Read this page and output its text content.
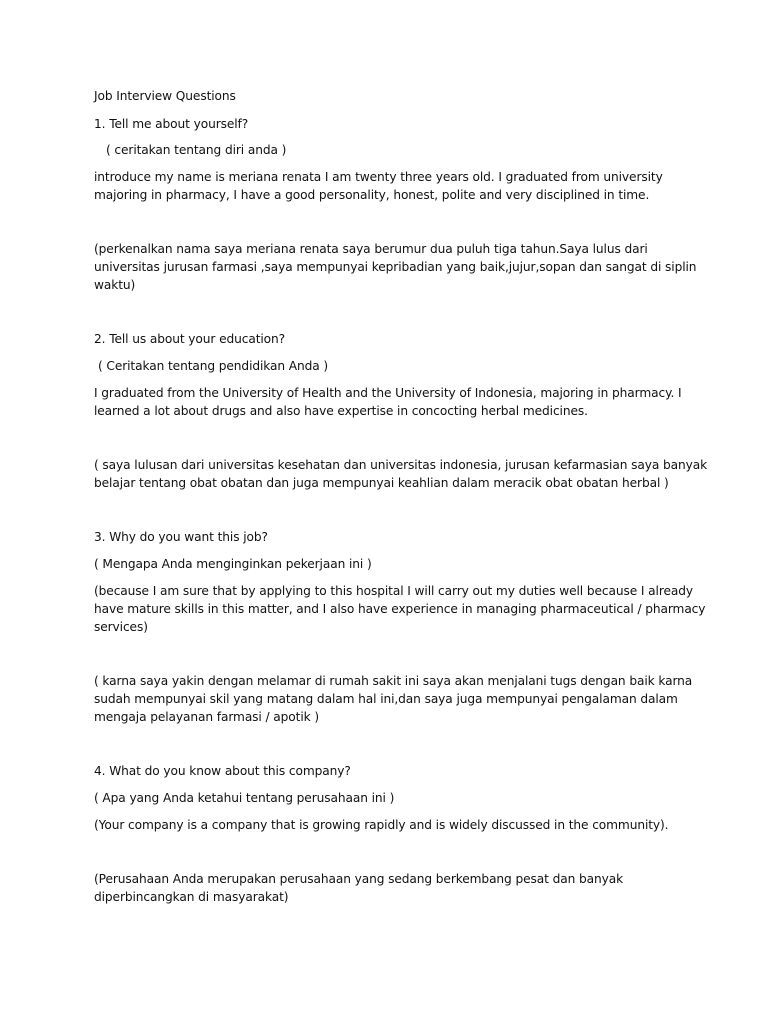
Job Interview Questions
1. Tell me about yourself?
( ceritakan tentang diri anda )
introduce my name is meriana renata I am twenty three years old. I graduated from university
majoring in pharmacy, I have a good personality, honest, polite and very disciplined in time.
(perkenalkan nama saya meriana renata saya berumur dua puluh tiga tahun.Saya lulus dari
universitas jurusan farmasi ,saya mempunyai kepribadian yang baik,jujur,sopan dan sangat di siplin
waktu)
2. Tell us about your education?
( Ceritakan tentang pendidikan Anda )
I graduated from the University of Health and the University of Indonesia, majoring in pharmacy. I
learned a lot about drugs and also have expertise in concocting herbal medicines.
( saya lulusan dari universitas kesehatan dan universitas indonesia, jurusan kefarmasian saya banyak
belajar tentang obat obatan dan juga mempunyai keahlian dalam meracik obat obatan herbal )
3. Why do you want this job?
( Mengapa Anda menginginkan pekerjaan ini )
(because I am sure that by applying to this hospital I will carry out my duties well because I already
have mature skills in this matter, and I also have experience in managing pharmaceutical / pharmacy
services)
( karna saya yakin dengan melamar di rumah sakit ini saya akan menjalani tugs dengan baik karna
sudah mempunyai skil yang matang dalam hal ini,dan saya juga mempunyai pengalaman dalam
mengaja pelayanan farmasi / apotik )
4. What do you know about this company?
( Apa yang Anda ketahui tentang perusahaan ini )
(Your company is a company that is growing rapidly and is widely discussed in the community).
(Perusahaan Anda merupakan perusahaan yang sedang berkembang pesat dan banyak
diperbincangkan di masyarakat)
